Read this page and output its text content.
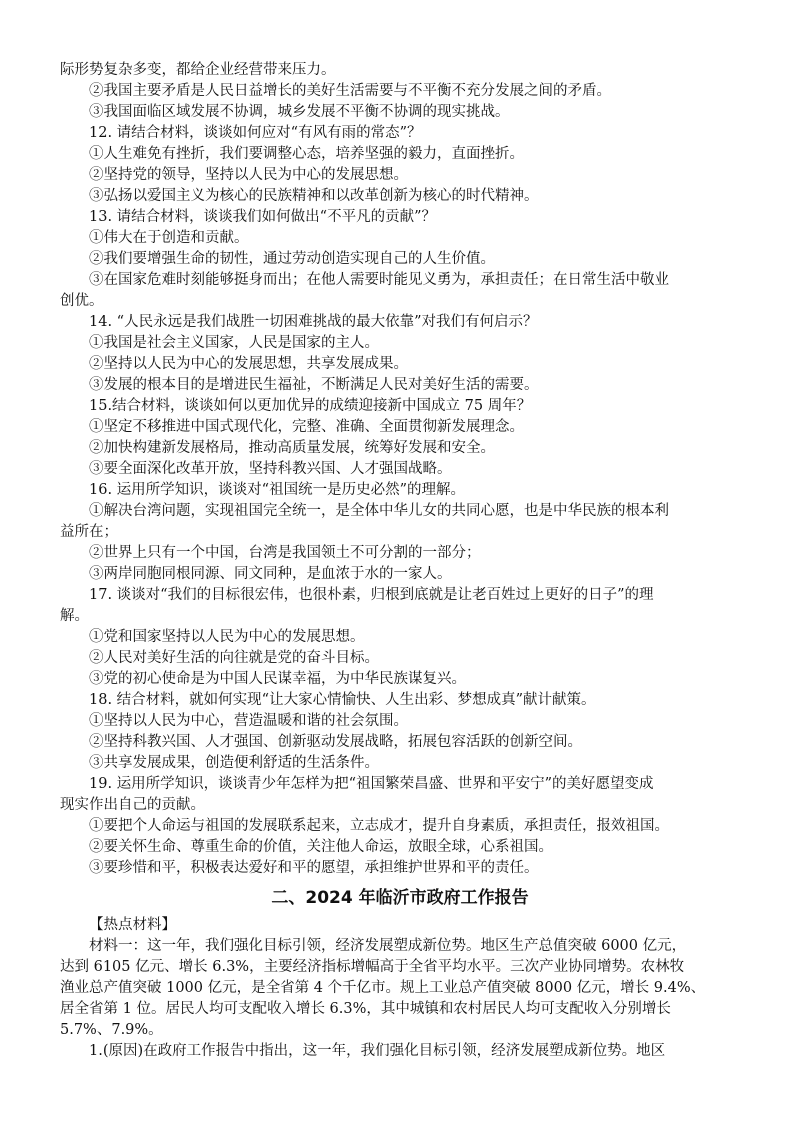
际形势复杂多变，都给企业经营带来压力。
②我国主要矛盾是人民日益增长的美好生活需要与不平衡不充分发展之间的矛盾。
③我国面临区域发展不协调，城乡发展不平衡不协调的现实挑战。
12. 请结合材料，谈谈如何应对“有风有雨的常态”？
①人生难免有挫折，我们要调整心态，培养坚强的毅力，直面挫折。
②坚持党的领导，坚持以人民为中心的发展思想。
③弘扬以爱国主义为核心的民族精神和以改革创新为核心的时代精神。
13. 请结合材料，谈谈我们如何做出“不平凡的贡献”？
①伟大在于创造和贡献。
②我们要增强生命的韧性，通过劳动创造实现自己的人生价值。
③在国家危难时刻能够挺身而出；在他人需要时能见义勇为，承担责任；在日常生活中敬业
创优。
14. “人民永远是我们战胜一切困难挑战的最大依靠”对我们有何启示？
①我国是社会主义国家，人民是国家的主人。
②坚持以人民为中心的发展思想，共享发展成果。
③发展的根本目的是增进民生福祉，不断满足人民对美好生活的需要。
15.结合材料，谈谈如何以更加优异的成绩迎接新中国成立 75 周年？
①坚定不移推进中国式现代化，完整、准确、全面贯彻新发展理念。
②加快构建新发展格局，推动高质量发展，统筹好发展和安全。
③要全面深化改革开放，坚持科教兴国、人才强国战略。
16. 运用所学知识，谈谈对“祖国统一是历史必然”的理解。
①解决台湾问题，实现祖国完全统一，是全体中华儿女的共同心愿，也是中华民族的根本利
益所在；
②世界上只有一个中国，台湾是我国领土不可分割的一部分；
③两岸同胞同根同源、同文同种，是血浓于水的一家人。
17. 谈谈对“我们的目标很宏伟，也很朴素，归根到底就是让老百姓过上更好的日子”的理
解。
①党和国家坚持以人民为中心的发展思想。
②人民对美好生活的向往就是党的奋斗目标。
③党的初心使命是为中国人民谋幸福，为中华民族谋复兴。
18. 结合材料，就如何实现“让大家心情愉快、人生出彩、梦想成真”献计献策。
①坚持以人民为中心，营造温暖和谐的社会氛围。
②坚持科教兴国、人才强国、创新驱动发展战略，拓展包容活跃的创新空间。
③共享发展成果，创造便利舒适的生活条件。
19. 运用所学知识，谈谈青少年怎样为把“祖国繁荣昌盛、世界和平安宁”的美好愿望变成
现实作出自己的贡献。
①要把个人命运与祖国的发展联系起来，立志成才，提升自身素质，承担责任，报效祖国。
②要关怀生命、尊重生命的价值，关注他人命运，放眼全球，心系祖国。
③要珍惜和平，积极表达爱好和平的愿望，承担维护世界和平的责任。
二、2024 年临沂市政府工作报告
【热点材料】
材料一：这一年，我们强化目标引领，经济发展塑成新位势。地区生产总值突破 6000 亿元，
达到 6105 亿元、增长 6.3%，主要经济指标增幅高于全省平均水平。三次产业协同增势。农林牧
渔业总产值突破 1000 亿元，是全省第 4 个千亿市。规上工业总产值突破 8000 亿元，增长 9.4%、
居全省第 1 位。居民人均可支配收入增长 6.3%，其中城镇和农村居民人均可支配收入分别增长
5.7%、7.9%。
1.(原因)在政府工作报告中指出，这一年，我们强化目标引领，经济发展塑成新位势。地区
